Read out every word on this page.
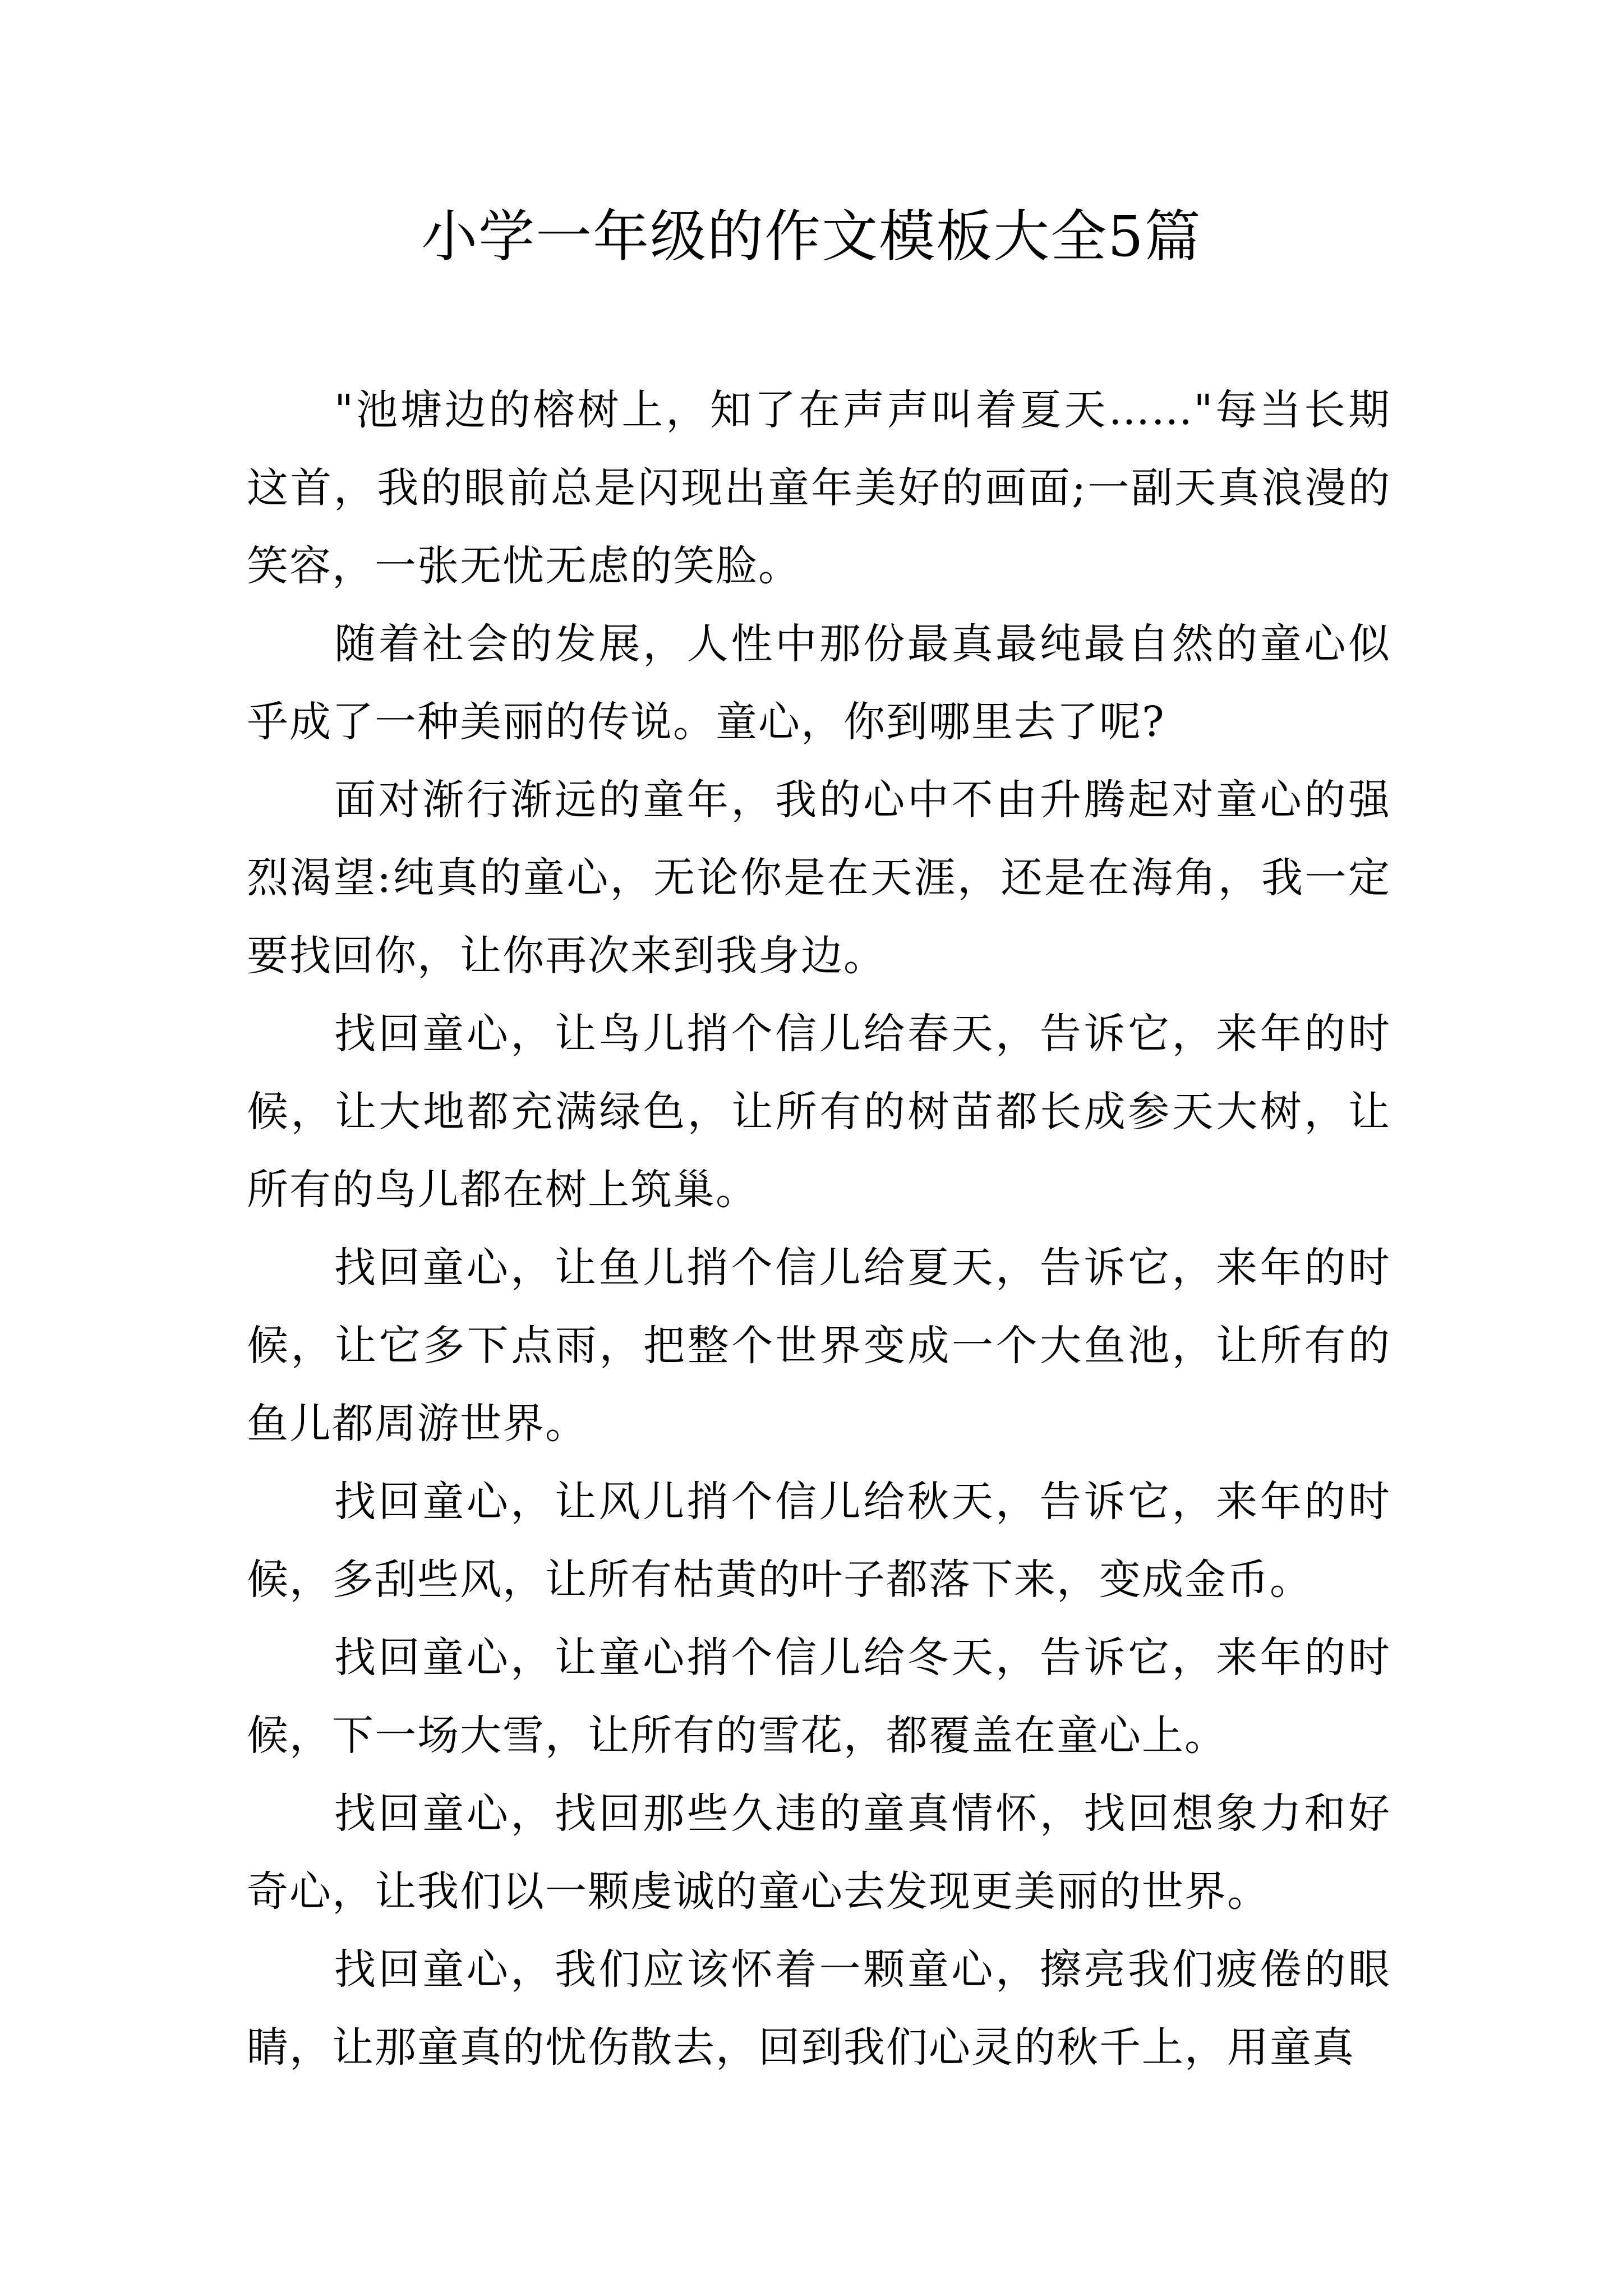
小学一年级的作文模板大全5篇

"池塘边的榕树上，知了在声声叫着夏天……"每当长期这首，我的眼前总是闪现出童年美好的画面;一副天真浪漫的笑容，一张无忧无虑的笑脸。

随着社会的发展，人性中那份最真最纯最自然的童心似乎成了一种美丽的传说。童心，你到哪里去了呢?

面对渐行渐远的童年，我的心中不由升腾起对童心的强烈渴望:纯真的童心，无论你是在天涯，还是在海角，我一定要找回你，让你再次来到我身边。

找回童心，让鸟儿捎个信儿给春天，告诉它，来年的时候，让大地都充满绿色，让所有的树苗都长成参天大树，让所有的鸟儿都在树上筑巢。

找回童心，让鱼儿捎个信儿给夏天，告诉它，来年的时候，让它多下点雨，把整个世界变成一个大鱼池，让所有的鱼儿都周游世界。

找回童心，让风儿捎个信儿给秋天，告诉它，来年的时候，多刮些风，让所有枯黄的叶子都落下来，变成金币。

找回童心，让童心捎个信儿给冬天，告诉它，来年的时候，下一场大雪，让所有的雪花，都覆盖在童心上。

找回童心，找回那些久违的童真情怀，找回想象力和好奇心，让我们以一颗虔诚的童心去发现更美丽的世界。

找回童心，我们应该怀着一颗童心，擦亮我们疲倦的眼睛，让那童真的忧伤散去，回到我们心灵的秋千上，用童真
